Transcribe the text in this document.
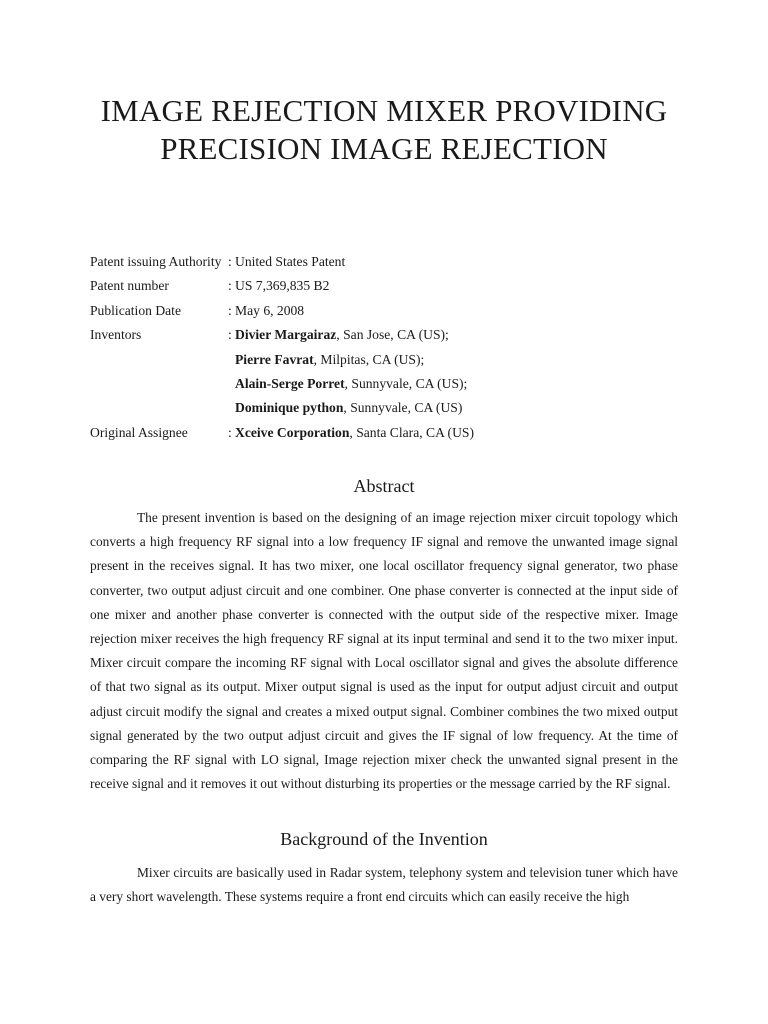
IMAGE REJECTION MIXER PROVIDING PRECISION IMAGE REJECTION
Patent issuing Authority : United States Patent
Patent number	: US 7,369,835 B2
Publication Date	: May 6, 2008
Inventors	: Divier Margairaz, San Jose, CA (US);
Pierre Favrat, Milpitas, CA (US);
Alain-Serge Porret, Sunnyvale, CA (US);
Dominique python, Sunnyvale, CA (US)
Original Assignee	: Xceive Corporation, Santa Clara, CA (US)
Abstract

The present invention is based on the designing of an image rejection mixer circuit topology which converts a high frequency RF signal into a low frequency IF signal and remove the unwanted image signal present in the receives signal. It has two mixer, one local oscillator frequency signal generator, two phase converter, two output adjust circuit and one combiner. One phase converter is connected at the input side of one mixer and another phase converter is connected with the output side of the respective mixer. Image rejection mixer receives the high frequency RF signal at its input terminal and send it to the two mixer input. Mixer circuit compare the incoming RF signal with Local oscillator signal and gives the absolute difference of that two signal as its output. Mixer output signal is used as the input for output adjust circuit and output adjust circuit modify the signal and creates a mixed output signal. Combiner combines the two mixed output signal generated by the two output adjust circuit and gives the IF signal of low frequency. At the time of comparing the RF signal with LO signal, Image rejection mixer check the unwanted signal present in the receive signal and it removes it out without disturbing its properties or the message carried by the RF signal.

Background of the Invention

Mixer circuits are basically used in Radar system, telephony system and television tuner which have a very short wavelength. These systems require a front end circuits which can easily receive the high
